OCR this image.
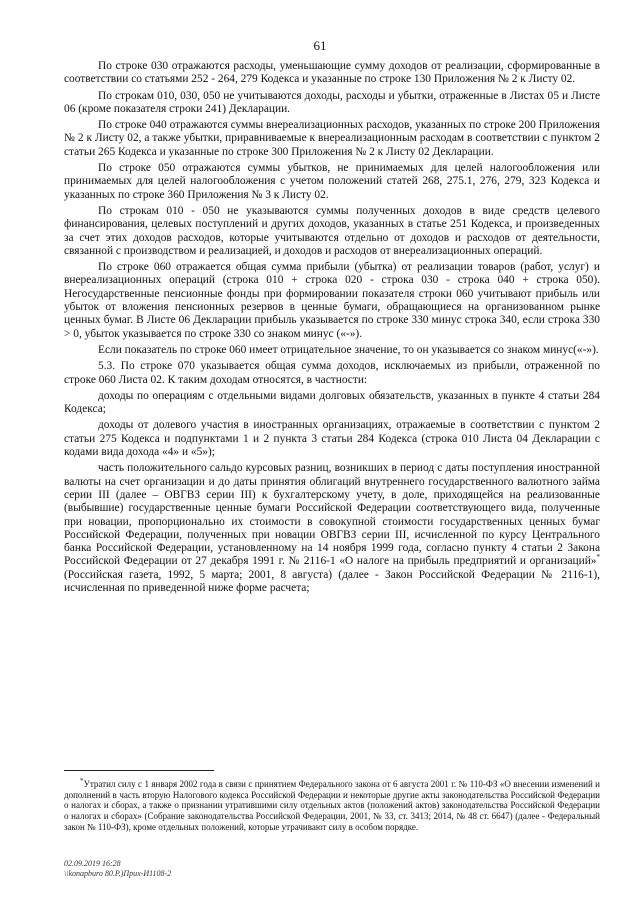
61

По строке 030 отражаются расходы, уменьшающие сумму доходов от реализации, сформированные в соответствии со статьями 252 - 264, 279 Кодекса и указанные по строке 130 Приложения № 2 к Листу 02.

По строкам 010, 030, 050 не учитываются доходы, расходы и убытки, отраженные в Листах 05 и Листе 06 (кроме показателя строки 241) Декларации.

По строке 040 отражаются суммы внереализационных расходов, указанных по строке 200 Приложения № 2 к Листу 02, а также убытки, приравниваемые к внереализационным расходам в соответствии с пунктом 2 статьи 265 Кодекса и указанные по строке 300 Приложения № 2 к Листу 02 Декларации.

По строке 050 отражаются суммы убытков, не принимаемых для целей налогообложения или принимаемых для целей налогообложения с учетом положений статей 268, 275.1, 276, 279, 323 Кодекса и указанных по строке 360 Приложения № 3 к Листу 02.

По строкам 010 - 050 не указываются суммы полученных доходов в виде средств целевого финансирования, целевых поступлений и других доходов, указанных в статье 251 Кодекса, и произведенных за счет этих доходов расходов, которые учитываются отдельно от доходов и расходов от деятельности, связанной с производством и реализацией, и доходов и расходов от внереализационных операций.

По строке 060 отражается общая сумма прибыли (убытка) от реализации товаров (работ, услуг) и внереализационных операций (строка 010 + строка 020 - строка 030 - строка 040 + строка 050). Негосударственные пенсионные фонды при формировании показателя строки 060 учитывают прибыль или убыток от вложения пенсионных резервов в ценные бумаги, обращающиеся на организованном рынке ценных бумаг. В Листе 06 Декларации прибыль указывается по строке 330 минус строка 340, если строка 330 > 0, убыток указывается по строке 330 со знаком минус («-»).

Если показатель по строке 060 имеет отрицательное значение, то он указывается со знаком минус(«-»).

5.3. По строке 070 указывается общая сумма доходов, исключаемых из прибыли, отраженной по строке 060 Листа 02. К таким доходам относятся, в частности:

доходы по операциям с отдельными видами долговых обязательств, указанных в пункте 4 статьи 284 Кодекса;

доходы от долевого участия в иностранных организациях, отражаемые в соответствии с пунктом 2 статьи 275 Кодекса и подпунктами 1 и 2 пункта 3 статьи 284 Кодекса (строка 010 Листа 04 Декларации с кодами вида дохода «4» и «5»);

часть положительного сальдо курсовых разниц, возникших в период с даты поступления иностранной валюты на счет организации и до даты принятия облигаций внутреннего государственного валютного займа серии III (далее – ОВГВЗ серии III) к бухгалтерскому учету, в доле, приходящейся на реализованные (выбывшие) государственные ценные бумаги Российской Федерации соответствующего вида, полученные при новации, пропорционально их стоимости в совокупной стоимости государственных ценных бумаг Российской Федерации, полученных при новации ОВГВЗ серии III, исчисленной по курсу Центрального банка Российской Федерации, установленному на 14 ноября 1999 года, согласно пункту 4 статьи 2 Закона Российской Федерации от 27 декабря 1991 г. № 2116-1 «О налоге на прибыль предприятий и организаций»* (Российская газета, 1992, 5 марта; 2001, 8 августа) (далее - Закон Российской Федерации № 2116-1), исчисленная по приведенной ниже форме расчета;

*Утратил силу с 1 января 2002 года в связи с принятием Федерального закона от 6 августа 2001 г. № 110-ФЗ «О внесении изменений и дополнений в часть вторую Налогового кодекса Российской Федерации и некоторые другие акты законодательства Российской Федерации о налогах и сборах, а также о признании утратившими силу отдельных актов (положений актов) законодательства Российской Федерации о налогах и сборах» (Собрание законодательства Российской Федерации, 2001, № 33, ст. 3413; 2014, № 48 ст. 6647) (далее - Федеральный закон № 110-ФЗ), кроме отдельных положений, которые утрачивают силу в особом порядке.

02.09.2019 16:28
\\konapburo 80.P.)Приx-И1108-2
